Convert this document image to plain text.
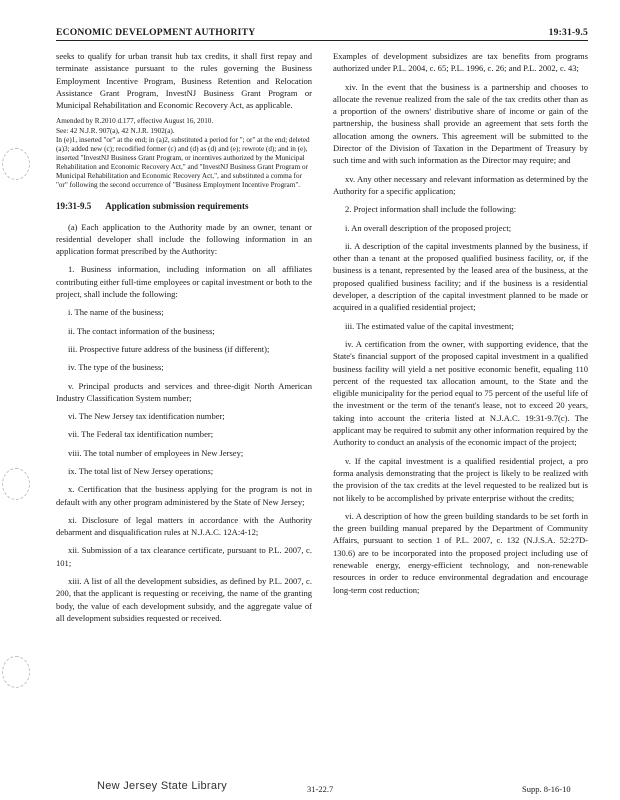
ECONOMIC DEVELOPMENT AUTHORITY	19:31-9.5

seeks to qualify for urban transit hub tax credits, it shall first repay and terminate assistance pursuant to the rules governing the Business Employment Incentive Program, Business Retention and Relocation Assistance Grant Program, InvestNJ Business Grant Program or Municipal Rehabilitation and Economic Recovery Act, as applicable.

Amended by R.2010 d.177, effective August 16, 2010.
See: 42 N.J.R. 907(a), 42 N.J.R. 1902(a).
In (e)1, inserted "or" at the end; in (a)2, substituted a period for "; or" at the end; deleted (a)3; added new (c); recodified former (c) and (d) as (d) and (e); rewrote (d); and in (e), inserted "InvestNJ Business Grant Program, or incentives authorized by the Municipal Rehabilitation and Economic Recovery Act," and "InvestNJ Business Grant Program or Municipal Rehabilitation and Economic Recovery Act,", and substituted a comma for "or" following the second occurrence of "Business Employment Incentive Program".
19:31-9.5 Application submission requirements

(a) Each application to the Authority made by an owner, tenant or residential developer shall include the following information in an application format prescribed by the Authority:

1. Business information, including information on all affiliates contributing either full-time employees or capital investment or both to the project, shall include the following:

i. The name of the business;

ii. The contact information of the business;

iii. Prospective future address of the business (if different);

iv. The type of the business;

v. Principal products and services and three-digit North American Industry Classification System number;

vi. The New Jersey tax identification number;

vii. The Federal tax identification number;

viii. The total number of employees in New Jersey;

ix. The total list of New Jersey operations;

x. Certification that the business applying for the program is not in default with any other program administered by the State of New Jersey;

xi. Disclosure of legal matters in accordance with the Authority debarment and disqualification rules at N.J.A.C. 12A:4-12;

xii. Submission of a tax clearance certificate, pursuant to P.L. 2007, c. 101;

xiii. A list of all the development subsidies, as defined by P.L. 2007, c. 200, that the applicant is requesting or receiving, the name of the granting body, the value of each development subsidy, and the aggregate value of all development subsidies requested or received.

Examples of development subsidizes are tax benefits from programs authorized under P.L. 2004, c. 65; P.L. 1996, c. 26; and P.L. 2002, c. 43;

xiv. In the event that the business is a partnership and chooses to allocate the revenue realized from the sale of the tax credits other than as a proportion of the owners' distributive share of income or gain of the partnership, the business shall provide an agreement that sets forth the allocation among the owners. This agreement will be submitted to the Director of the Division of Taxation in the Department of Treasury by such time and with such information as the Director may require; and

xv. Any other necessary and relevant information as determined by the Authority for a specific application;

2. Project information shall include the following:

i. An overall description of the proposed project;

ii. A description of the capital investments planned by the business, if other than a tenant at the proposed qualified business facility, or, if the business is a tenant, represented by the leased area of the business, at the proposed qualified business facility; and if the business is a residential developer, a description of the capital investment planned to be made or acquired in a qualified residential project;

iii. The estimated value of the capital investment;

iv. A certification from the owner, with supporting evidence, that the State's financial support of the proposed capital investment in a qualified business facility will yield a net positive economic benefit, equaling 110 percent of the requested tax allocation amount, to the State and the eligible municipality for the period equal to 75 percent of the useful life of the investment or the term of the tenant's lease, not to exceed 20 years, taking into account the criteria listed at N.J.A.C. 19:31-9.7(c). The applicant may be required to submit any other information required by the Authority to conduct an analysis of the economic impact of the project;

v. If the capital investment is a qualified residential project, a pro forma analysis demonstrating that the project is likely to be realized with the provision of the tax credits at the level requested to be realized but is not likely to be accomplished by private enterprise without the credits;

vi. A description of how the green building standards to be set forth in the green building manual prepared by the Department of Community Affairs, pursuant to section 1 of P.L. 2007, c. 132 (N.J.S.A. 52:27D-130.6) are to be incorporated into the proposed project including use of renewable energy, energy-efficient technology, and non-renewable resources in order to reduce environmental degradation and encourage long-term cost reduction;

31-22.7	Supp. 8-16-10
New Jersey State Library
